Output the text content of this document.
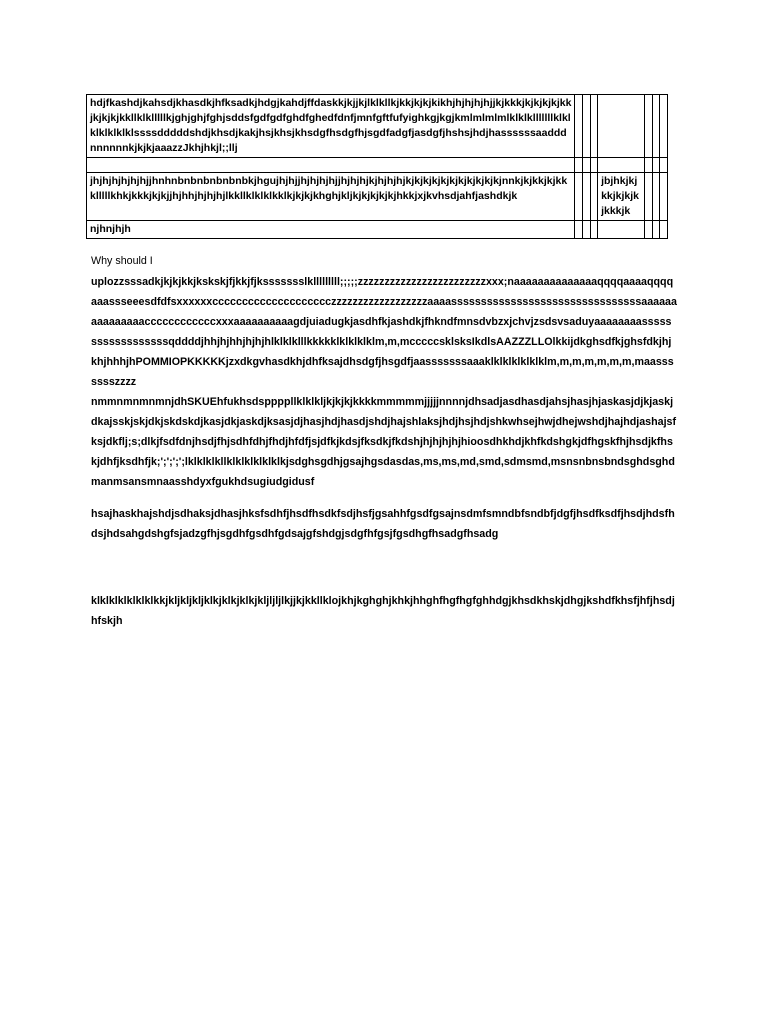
hdjfkashdjkahsdjkhasdkjhfksadkjhdgjkahdjffdaskkjkjjkjlklkllkjkkjkjkjkikhjhjhjhjhjjkjkkkjkjkjkjkjkkjkjkjkjkkllklklllllkjghjghjfghjsddsfgdfgdfghdfghedfdnfjmnfgftfufyighkgjkgjkmlmlmlmlklklklllllllklklklklklklklssssdddddshdjkhsdjkakjhsjkhsjkhsdgfhsdgfhjsgdfadgfjasdgfjhshsjhdjhassssssaadddnnnnnnkjkjkjaaazzJkhjhkjl;;llj							

jhjhjhjhjhjhjjhnhnbnbnbnbnbnbkjhgujhjhjjhjhjhjhjjhjhjhjkjhjhjhjkjkjkjkjkjkjkjkjkjkjkjnnkjkjkkjkjkkklllllkhkjkkkjkjkjjhjhhjhjhjhjlkkllklklklkklkjkjkjkhghjkljkjkjkjkjkjhkkjxjkvhsdjahfjashdkjk				jbjhkjkjkkjkjkjkjkkkjk			
njhnjhjh							
Why should I
uplozzsssadkjkjkjkkjksksk​jfjkkjfjkssssssslklllllllll;;;;;zzzzzzzzzzzzzzzzzzzzzzzzxxx;naaaaaaaaaaaaaaqqqqaaaaqqqqaaassseeesdfdfsxxxxxxcccccccccccccccccccczzzzzzzzzzzzzzzzzzaaaassssssssssssssssssssssssssssssssaaaaaaaaaaaaaaaccccccccccccxxxaaaaaaaaaagdjuiadugkjasdhfkjashdkjfhkndfmnsdvbzxjchvjzsdsvsaduyaaaaaaaassssssssssssssssssqddddjhhjhjhhjhjhjhlklklklllkkkkklklklklklm,m,mcccccsklsksIkdlsAAZZZLLOlkkijdkghsdfkjghsfdkjhjkhjhhhjhPOMMIOPKKKKKjzxdkgvhasdkhjdhfksajdhsdgfjhsgdfjaasssssssaaaklklklklklklklm,m,m,m,m,m,m,maassssssszzzz
nmmnmnmnmnjdhSKUEhfukhsdsppppllklklkljkjkjkjkkkkmmmmmjjjjjnnnnjdhsadjasdhasdjahsjhasjhjaskasjdjkjaskjdkajsskjskjdkjskdskdjkasjdkjaskdjksasjdjhasjhdjhasdjshdjhajshlaksjhdjhsjhdjshkwhsejhwjdhejwshdjhajhdjashajsfksjdkflj;s;dlkjfsdfdnjhsdjfhjsdhfdhjfhdjhfdfjsjdfkjkdsjfksdkjfkdshjhjhjhjhjhioosdhkhdjkhfkdshgkjdfhgskfhjhsdjkfhskjdhfjksdhfjk;';';';';lklklklkllklklklklklklkjsdghsgdhjgsajhgsdasdas,ms,ms,md,smd,sdmsmd,msnsnbnsbndsghdsghdmanmsansmnaasshdyxfgukhdsugiudgidusf
hsajhaskhajshdjsdhaksjdhasjhksfsdhfjhsdfhsdkfsdjhsfjgsahhfgsdfgsajnsdmfsmndbfsndbfjdgfjhsdfksdfjhsdjhdsfhdsjhdsahgdshgfsjadzgfhjsgdhfgsdhfgdsajgfshdgjsdgfhfgsjfgsdhgfhsadgfhsadg
klklklklklklklkkjkljkljkljklkjklkjklkjkljljljlkjjkjkkllklojkhjkghghjkhkjhhghfhgfhgfghhdgjkhsdkhskjdhgjkshdfkhsfjhfjhsdjhfskjh
